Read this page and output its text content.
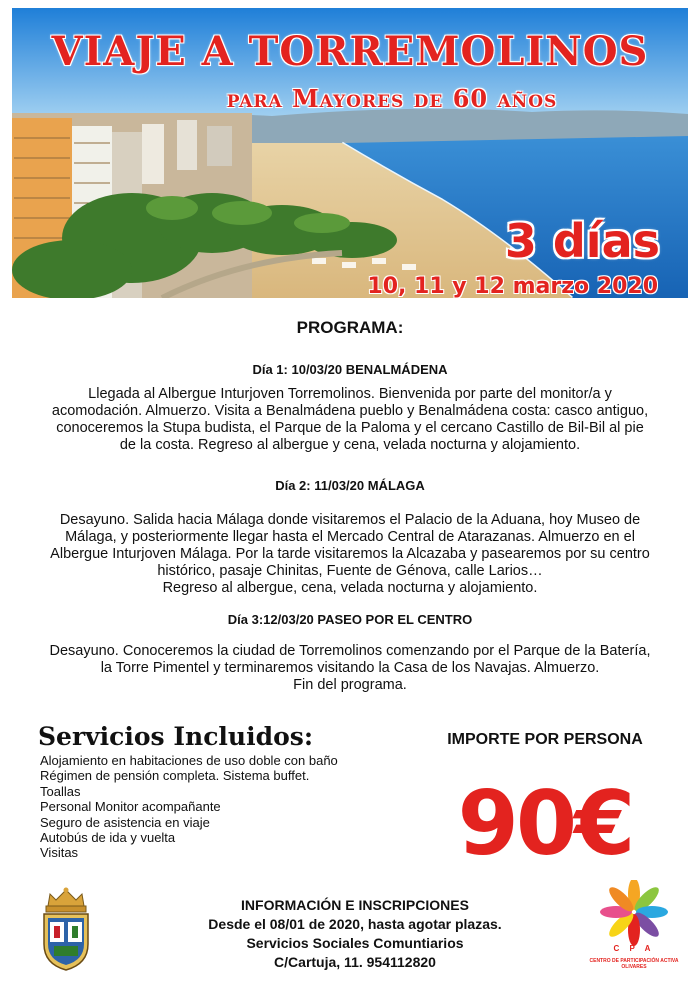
VIAJE A TORREMOLINOS
para Mayores de 60 años
3 días
10, 11 y 12 marzo 2020
PROGRAMA:
Día 1: 10/03/20 BENALMÁDENA
Llegada al Albergue Inturjoven Torremolinos. Bienvenida por parte del monitor/a y
acomodación. Almuerzo. Visita a Benalmádena pueblo y Benalmádena costa: casco antiguo,
conoceremos la Stupa budista, el Parque de la Paloma y el cercano Castillo de Bil-Bil al pie
de la costa. Regreso al albergue y cena, velada nocturna y alojamiento.
Día 2: 11/03/20 MÁLAGA
Desayuno. Salida hacia Málaga donde visitaremos el Palacio de la Aduana, hoy Museo de
Málaga, y posteriormente llegar hasta el Mercado Central de Atarazanas. Almuerzo en el
Albergue Inturjoven Málaga. Por la tarde visitaremos la Alcazaba y pasearemos por su centro
histórico, pasaje Chinitas, Fuente de Génova, calle Larios…
Regreso al albergue, cena, velada nocturna y alojamiento.
Día 3:12/03/20 PASEO POR EL CENTRO
Desayuno. Conoceremos la ciudad de Torremolinos comenzando por el Parque de la Batería,
la Torre Pimentel y terminaremos visitando la Casa de los Navajas. Almuerzo.
Fin del programa.
Servicios Incluidos:
Alojamiento en habitaciones de uso doble con baño
Régimen de pensión completa. Sistema buffet.
Toallas
Personal Monitor acompañante
Seguro de asistencia en viaje
Autobús de ida y vuelta
Visitas
IMPORTE POR PERSONA
90€
INFORMACIÓN E INSCRIPCIONES
Desde el 08/01 de 2020, hasta agotar plazas.
Servicios Sociales Comuntiarios
C/Cartuja, 11. 954112820
C P A
CENTRO DE PARTICIPACIÓN ACTIVA
OLIVARES
